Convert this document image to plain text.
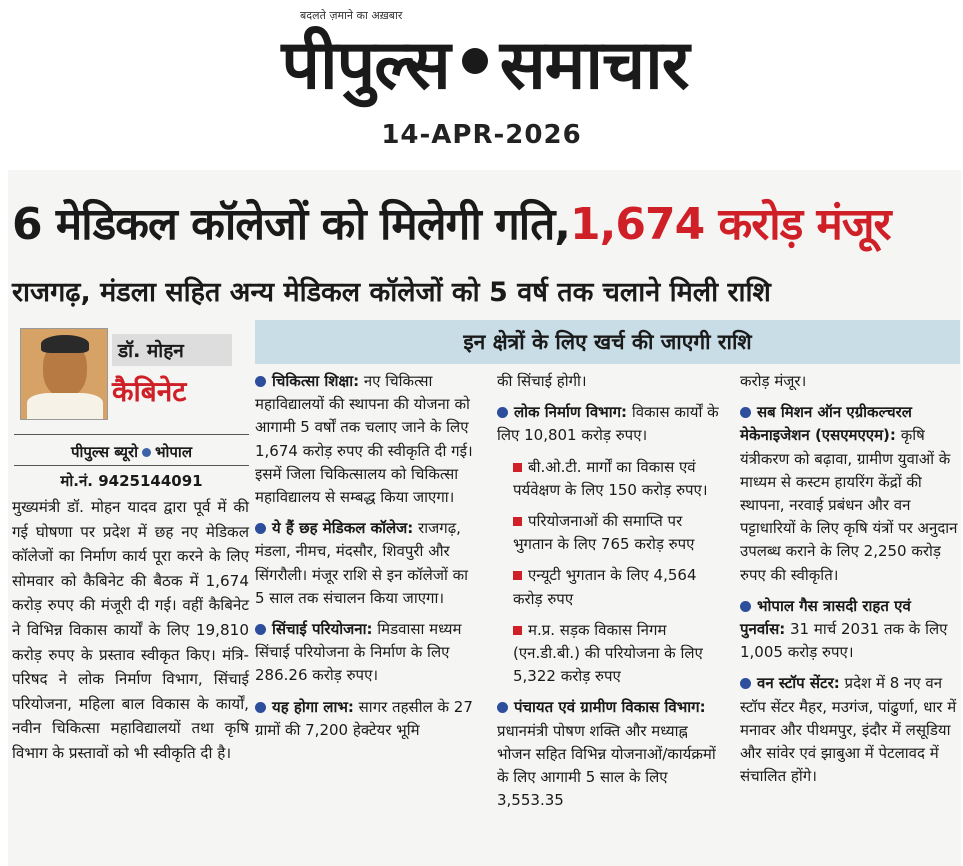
बदलते ज़माने का अख़बार
पीपुल्स समाचार
14-APR-2026
6 मेडिकल कॉलेजों को मिलेगी गति,1,674 करोड़ मंजूर
राजगढ़, मंडला सहित अन्य मेडिकल कॉलेजों को 5 वर्ष तक चलाने मिली राशि
इन क्षेत्रों के लिए खर्च की जाएगी राशि
डॉ. मोहन
कैबिनेट
पीपुल्स ब्यूरो भोपाल
मो.नं. 9425144091
मुख्यमंत्री डॉ. मोहन यादव द्वारा पूर्व में की गई घोषणा पर प्रदेश में छह नए मेडिकल कॉलेजों का निर्माण कार्य पूरा करने के लिए सोमवार को कैबिनेट की बैठक में 1,674 करोड़ रुपए की मंजूरी दी गई। वहीं कैबिनेट ने विभिन्न विकास कार्यों के लिए 19,810 करोड़ रुपए के प्रस्ताव स्वीकृत किए। मंत्रि-परिषद ने लोक निर्माण विभाग, सिंचाई परियोजना, महिला बाल विकास के कार्यों, नवीन चिकित्सा महाविद्यालयों तथा कृषि विभाग के प्रस्तावों को भी स्वीकृति दी है।

चिकित्सा शिक्षा: नए चिकित्सा महाविद्यालयों की स्थापना की योजना को आगामी 5 वर्षों तक चलाए जाने के लिए 1,674 करोड़ रुपए की स्वीकृति दी गई। इसमें जिला चिकित्सालय को चिकित्सा महाविद्यालय से सम्बद्ध किया जाएगा।

ये हैं छह मेडिकल कॉलेज: राजगढ़, मंडला, नीमच, मंदसौर, शिवपुरी और सिंगरौली। मंजूर राशि से इन कॉलेजों का 5 साल तक संचालन किया जाएगा।

सिंचाई परियोजना: मिडवासा मध्यम सिंचाई परियोजना के निर्माण के लिए 286.26 करोड़ रुपए।

यह होगा लाभ: सागर तहसील के 27 ग्रामों की 7,200 हेक्टेयर भूमि

की सिंचाई होगी।

लोक निर्माण विभाग: विकास कार्यों के लिए 10,801 करोड़ रुपए।

बी.ओ.टी. मार्गों का विकास एवं पर्यवेक्षण के लिए 150 करोड़ रुपए।

परियोजनाओं की समाप्ति पर भुगतान के लिए 765 करोड़ रुपए

एन्यूटी भुगतान के लिए 4,564 करोड़ रुपए

म.प्र. सड़क विकास निगम (एन.डी.बी.) की परियोजना के लिए 5,322 करोड़ रुपए

पंचायत एवं ग्रामीण विकास विभाग: प्रधानमंत्री पोषण शक्ति और मध्याह्न भोजन सहित विभिन्न योजनाओं/कार्यक्रमों के लिए आगामी 5 साल के लिए 3,553.35

करोड़ मंजूर।

सब मिशन ऑन एग्रीकल्चरल मेकेनाइजेशन (एसएमएएम): कृषि यंत्रीकरण को बढ़ावा, ग्रामीण युवाओं के माध्यम से कस्टम हायरिंग केंद्रों की स्थापना, नरवाई प्रबंधन और वन पट्टाधारियों के लिए कृषि यंत्रों पर अनुदान उपलब्ध कराने के लिए 2,250 करोड़ रुपए की स्वीकृति।

भोपाल गैस त्रासदी राहत एवं पुनर्वास: 31 मार्च 2031 तक के लिए 1,005 करोड़ रुपए।

वन स्टॉप सेंटर: प्रदेश में 8 नए वन स्टॉप सेंटर मैहर, मउगंज, पांढुर्णा, धार में मनावर और पीथमपुर, इंदौर में लसूडिया और सांवेर एवं झाबुआ में पेटलावद में संचालित होंगे।
